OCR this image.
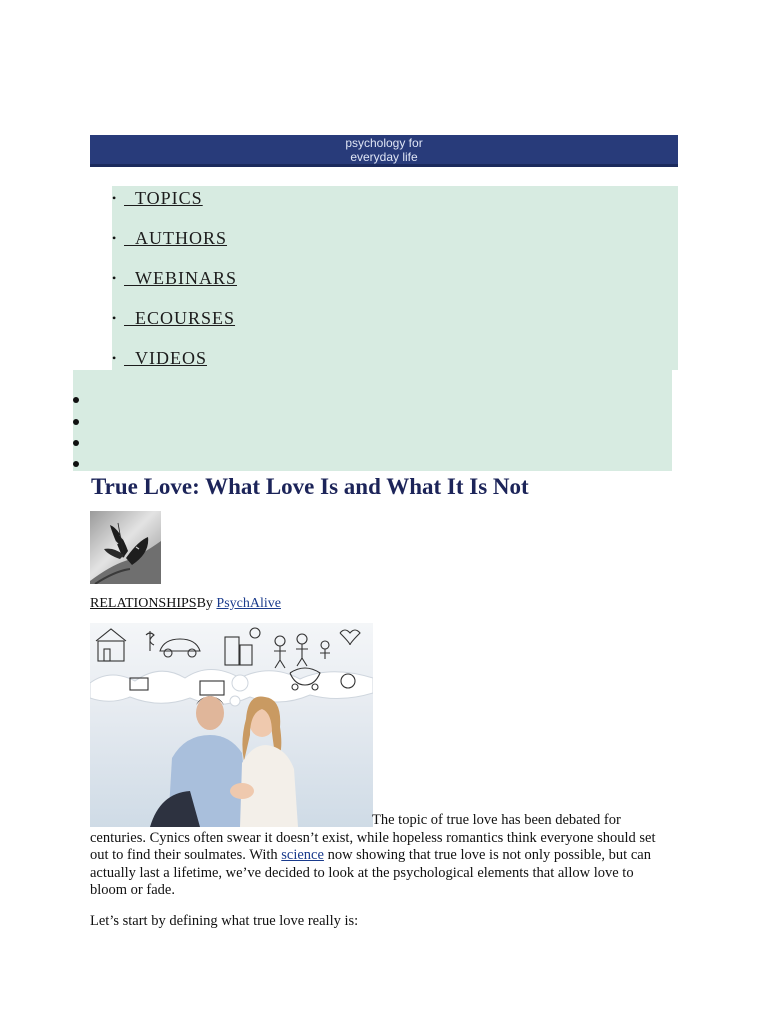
psychology for
everyday life
• TOPICS
• AUTHORS
• WEBINARS
• ECOURSES
• VIDEOS
True Love: What Love Is and What It Is Not
RELATIONSHIPSBy PsychAlive
The topic of true love has been debated for
centuries. Cynics often swear it doesn’t exist, while hopeless romantics think everyone should set out to find their soulmates. With science now showing that true love is not only possible, but can actually last a lifetime, we’ve decided to look at the psychological elements that allow love to bloom or fade.
Let’s start by defining what true love really is:
